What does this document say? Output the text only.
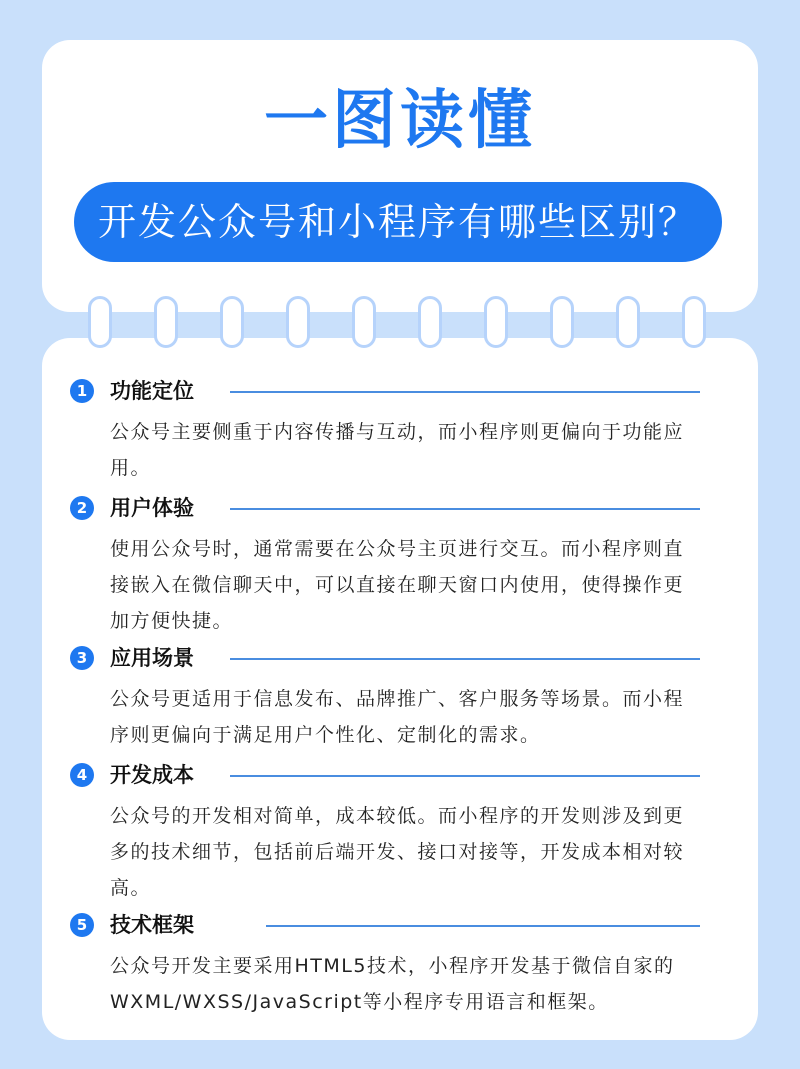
一图读懂
开发公众号和小程序有哪些区别？
1	功能定位
公众号主要侧重于内容传播与互动，而小程序则更偏向于功能应用。
2	用户体验
使用公众号时，通常需要在公众号主页进行交互。而小程序则直接嵌入在微信聊天中，可以直接在聊天窗口内使用，使得操作更加方便快捷。
3	应用场景
公众号更适用于信息发布、品牌推广、客户服务等场景。而小程序则更偏向于满足用户个性化、定制化的需求。
4	开发成本
公众号的开发相对简单，成本较低。而小程序的开发则涉及到更多的技术细节，包括前后端开发、接口对接等，开发成本相对较高。
5	技术框架
公众号开发主要采用HTML5技术，小程序开发基于微信自家的WXML/WXSS/JavaScript等小程序专用语言和框架。
